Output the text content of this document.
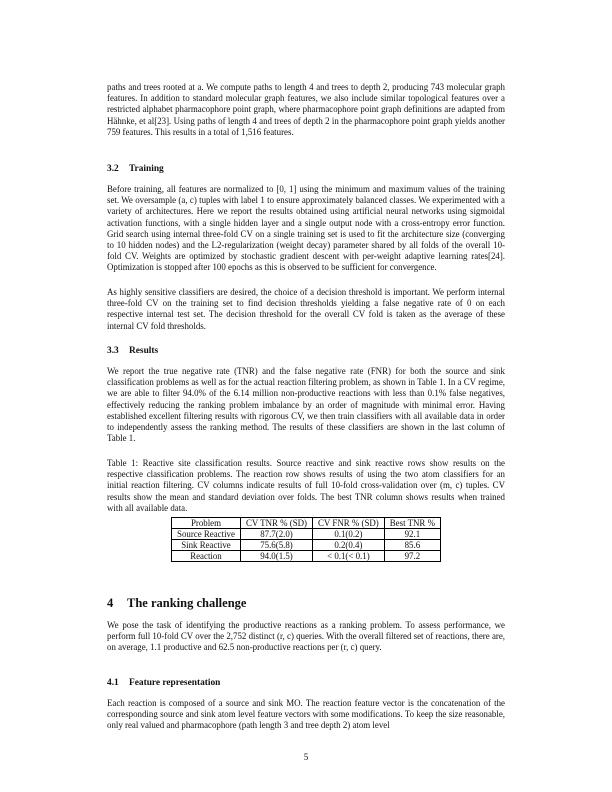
paths and trees rooted at a. We compute paths to length 4 and trees to depth 2, producing 743 molecular graph features. In addition to standard molecular graph features, we also include similar topological features over a restricted alphabet pharmacophore point graph, where pharmacophore point graph definitions are adapted from Hähnke, et al[23]. Using paths of length 4 and trees of depth 2 in the pharmacophore point graph yields another 759 features. This results in a total of 1,516 features.

3.2 Training

Before training, all features are normalized to [0, 1] using the minimum and maximum values of the training set. We oversample (a, c) tuples with label 1 to ensure approximately balanced classes. We experimented with a variety of architectures. Here we report the results obtained using artificial neural networks using sigmoidal activation functions, with a single hidden layer and a single output node with a cross-entropy error function. Grid search using internal three-fold CV on a single training set is used to fit the architecture size (converging to 10 hidden nodes) and the L2-regularization (weight decay) parameter shared by all folds of the overall 10-fold CV. Weights are optimized by stochastic gradient descent with per-weight adaptive learning rates[24]. Optimization is stopped after 100 epochs as this is observed to be sufficient for convergence.

As highly sensitive classifiers are desired, the choice of a decision threshold is important. We perform internal three-fold CV on the training set to find decision thresholds yielding a false negative rate of 0 on each respective internal test set. The decision threshold for the overall CV fold is taken as the average of these internal CV fold thresholds.

3.3 Results

We report the true negative rate (TNR) and the false negative rate (FNR) for both the source and sink classification problems as well as for the actual reaction filtering problem, as shown in Table 1. In a CV regime, we are able to filter 94.0% of the 6.14 million non-productive reactions with less than 0.1% false negatives, effectively reducing the ranking problem imbalance by an order of magnitude with minimal error. Having established excellent filtering results with rigorous CV, we then train classifiers with all available data in order to independently assess the ranking method. The results of these classifiers are shown in the last column of Table 1.

Table 1: Reactive site classification results. Source reactive and sink reactive rows show results on the respective classification problems. The reaction row shows results of using the two atom classifiers for an initial reaction filtering. CV columns indicate results of full 10-fold cross-validation over (m, c) tuples. CV results show the mean and standard deviation over folds. The best TNR column shows results when trained with all available data.

Problem	CV TNR % (SD)	CV FNR % (SD)	Best TNR %
Source Reactive	87.7(2.0)	0.1(0.2)	92.1
Sink Reactive	75.6(5.8)	0.2(0.4)	85.6
Reaction	94.0(1.5)	< 0.1(< 0.1)	97.2
4 The ranking challenge

We pose the task of identifying the productive reactions as a ranking problem. To assess performance, we perform full 10-fold CV over the 2,752 distinct (r, c) queries. With the overall filtered set of reactions, there are, on average, 1.1 productive and 62.5 non-productive reactions per (r, c) query.

4.1 Feature representation

Each reaction is composed of a source and sink MO. The reaction feature vector is the concatenation of the corresponding source and sink atom level feature vectors with some modifications. To keep the size reasonable, only real valued and pharmacophore (path length 3 and tree depth 2) atom level

5
